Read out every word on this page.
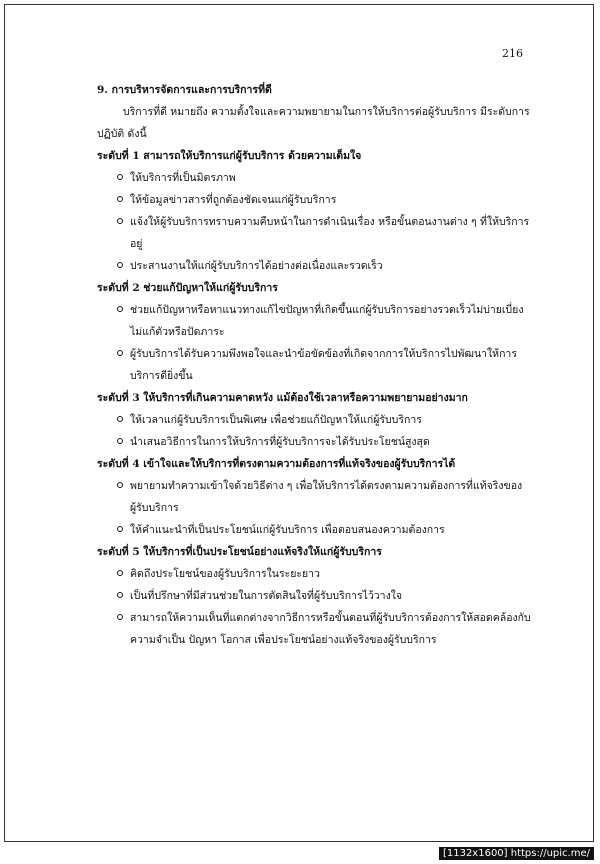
216
9. การบริหารจัดการและการบริการที่ดี
บริการที่ดี หมายถึง ความตั้งใจและความพยายามในการให้บริการต่อผู้รับบริการ มีระดับการปฏิบัติ ดังนี้
ระดับที่ 1 สามารถให้บริการแก่ผู้รับบริการ ด้วยความเต็มใจ
ให้บริการที่เป็นมิตรภาพ
ให้ข้อมูลข่าวสารที่ถูกต้องชัดเจนแก่ผู้รับบริการ
แจ้งให้ผู้รับบริการทราบความคืบหน้าในการดำเนินเรื่อง หรือขั้นตอนงานต่าง ๆ ที่ให้บริการอยู่
ประสานงานให้แก่ผู้รับบริการได้อย่างต่อเนื่องและรวดเร็ว
ระดับที่ 2 ช่วยแก้ปัญหาให้แก่ผู้รับบริการ
ช่วยแก้ปัญหาหรือหาแนวทางแก้ไขปัญหาที่เกิดขึ้นแก่ผู้รับบริการอย่างรวดเร็วไม่บ่ายเบี่ยง ไม่แก้ตัวหรือปัดภาระ
ผู้รับบริการได้รับความพึงพอใจและนำข้อขัดข้องที่เกิดจากการให้บริการไปพัฒนาให้การบริการดียิ่งขึ้น
ระดับที่ 3 ให้บริการที่เกินความคาดหวัง แม้ต้องใช้เวลาหรือความพยายามอย่างมาก
ให้เวลาแก่ผู้รับบริการเป็นพิเศษ เพื่อช่วยแก้ปัญหาให้แก่ผู้รับบริการ
นำเสนอวิธีการในการให้บริการที่ผู้รับบริการจะได้รับประโยชน์สูงสุด
ระดับที่ 4 เข้าใจและให้บริการที่ตรงตามความต้องการที่แท้จริงของผู้รับบริการได้
พยายามทำความเข้าใจด้วยวิธีต่าง ๆ เพื่อให้บริการได้ตรงตามความต้องการที่แท้จริงของผู้รับบริการ
ให้คำแนะนำที่เป็นประโยชน์แก่ผู้รับบริการ เพื่อตอบสนองความต้องการ
ระดับที่ 5 ให้บริการที่เป็นประโยชน์อย่างแท้จริงให้แก่ผู้รับบริการ
คิดถึงประโยชน์ของผู้รับบริการในระยะยาว
เป็นที่ปรึกษาที่มีส่วนช่วยในการตัดสินใจที่ผู้รับบริการไว้วางใจ
สามารถให้ความเห็นที่แตกต่างจากวิธีการหรือขั้นตอนที่ผู้รับบริการต้องการให้สอดคล้องกับความจำเป็น ปัญหา โอกาส เพื่อประโยชน์อย่างแท้จริงของผู้รับบริการ
[1132x1600] https://upic.me/
